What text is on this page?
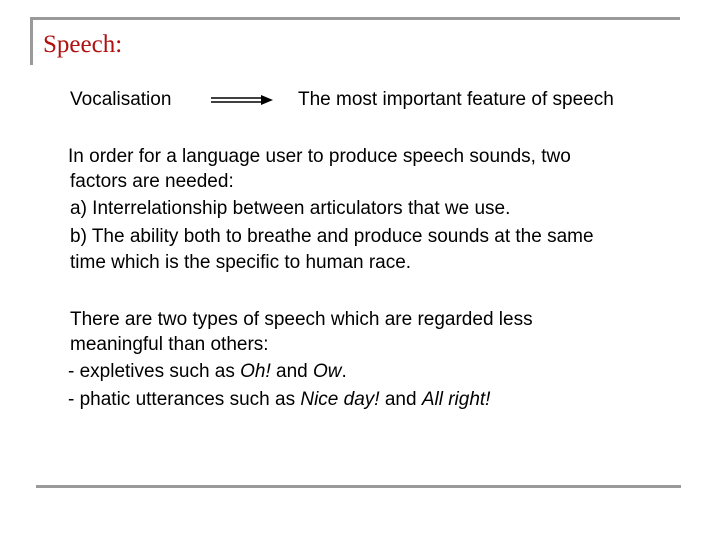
Speech:
Vocalisation	The most important feature of speech

In order for a language user to produce speech sounds, two

factors are needed:

a) Interrelationship between articulators that we use.

b) The ability both to breathe and produce sounds at the same

time which is the specific to human race.

There are two types of speech which are regarded less

meaningful than others:

- expletives such as Oh! and Ow.

- phatic utterances such as Nice day! and All right!
